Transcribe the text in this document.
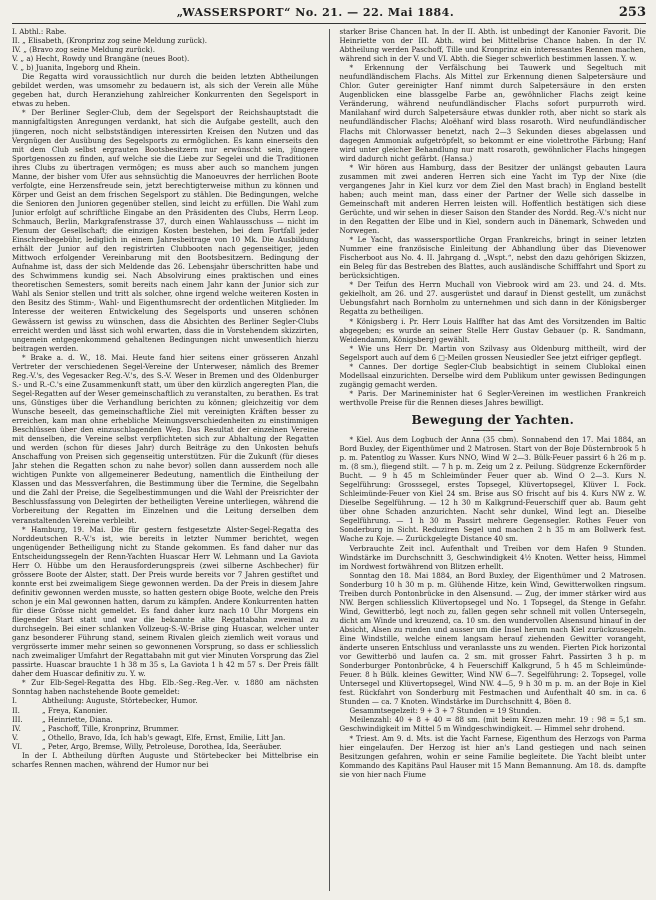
„WASSERSPORT“ No. 21. — 22. Mai 1884.	253
I. Abthl.: Rabe.
II. „ Elisabeth, (Kronprinz zog seine Meldung zurück).
IV. „ (Bravo zog seine Meldung zurück).
V. „ a) Hecht, Rowdy und Brangäne (neues Boot).
V. „ b) Juanita, Ingeborg und Rhein.

Die Regatta wird voraussichtlich nur durch die beiden letzten Abtheilungen gebildet werden, was umsomehr zu bedauern ist, als sich der Verein alle Mühe gegeben hat, durch Heranziehung zahlreicher Konkurrenten den Segelsport in etwas zu heben.

* Der Berliner Segler-Club, dem der Segelsport der Reichshauptstadt die mannigfaltigsten Anregungen verdankt, hat sich die Aufgabe gestellt, auch den jüngeren, noch nicht selbstständigen interessirten Kreisen den Nutzen und das Vergnügen der Ausübung des Segelsports zu ermöglichen. Es kann einerseits den mit dem Club selbst ergrauten Bootsbesitzern nur erwünscht sein, jüngere Sportgenossen zu finden, auf welche sie die Liebe zur Segelei und die Traditionen ihres Clubs zu übertragen vermögen; es muss aber auch so manchem jungen Manne, der bisher vom Ufer aus sehnsüchtig die Manoeuvres der herrlichen Boote verfolgte, eine Herzensfreude sein, jetzt berechtigterweise mithun zu können und Körper und Geist an dem frischen Segelsport zu stählen. Die Bedingungen, welche die Senioren den Junioren gegenüber stellen, sind leicht zu erfüllen. Die Wahl zum Junior erfolgt auf schriftliche Eingabe an den Präsidenten des Clubs, Herrn Leop. Schmauch, Berlin, Markgrafenstrasse 37, durch einen Wahlausschuss — nicht im Plenum der Gesellschaft; die einzigen Kosten bestehen, bei dem Fortfall jeder Einschreibegebühr, lediglich in einem Jahresbeitrage von 10 Mk. Die Ausbildung erhält der Junior auf den registrirten Clubbooten nach gegenseitiger, jeden Mittwoch erfolgender Vereinbarung mit den Bootsbesitzern. Bedingung der Aufnahme ist, dass der sich Meldende das 26. Lebensjahr überschritten habe und des Schwimmens kundig sei. Nach Absolvirung eines praktischen und eines theoretischen Semesters, somit bereits nach einem Jahr kann der Junior sich zur Wahl als Senior stellen und tritt als solcher, ohne irgend welche weiteren Kosten in den Besitz des Stimm-, Wahl- und Eigenthumsrecht der ordentlichen Mitglieder. Im Interesse der weiteren Entwickelung des Segelsports und unseren schönen Gewässern ist gewiss zu wünschen, dass die Absichten des Berliner Segler-Clubs erreicht werden und lässt sich wohl erwarten, dass die in Vorstehendem skizzirten, ungemein entgegenkommend gehaltenen Bedingungen nicht unwesentlich hierzu beitragen werden.

* Brake a. d. W., 18. Mai. Heute fand hier seitens einer grösseren Anzahl Vertreter der verschiedenen Segel-Vereine der Unterweser, nämlich des Bremer Reg.-V.'s, des Vegesacker Reg.-V.'s, des S.-V. Weser in Bremen und des Oldenburger S.- und R.-C.'s eine Zusammenkunft statt, um über den kürzlich angeregten Plan, die Segel-Regatten auf der Weser gemeinschaftlich zu veranstalten, zu berathen. Es trat uns, Günstiges über die Verhandlung berichten zu können; gleichzeitig vor dem Wunsche beseelt, das gemeinschaftliche Ziel mit vereinigten Kräften besser zu erreichen, kam man ohne erhebliche Meinungsverschiedenheiten zu einstimmigen Beschlüssen über den einzuschlagenden Weg. Das Resultat der einzelnen Vereine mit denselben, die Vereine selbst verpflichteten sich zur Abhaltung der Regatten und werden (schon für dieses Jahr) durch Beiträge zu den Unkosten behufs Anschaffung von Preisen sich gegenseitig unterstützen. Für die Zukunft (für dieses Jahr stehen die Regatten schon zu nahe bevor) sollen dann ausserdem noch alle wichtigen Punkte von allgemeinerer Bedeutung, namentlich die Eintheilung der Klassen und das Messverfahren, die Bestimmung über die Termine, die Segelbahn und die Zahl der Preise, die Segelbestimmungen und die Wahl der Preisrichter der Beschlussfassung von Delegirten der betheiligten Vereine unterliegen, während die Vorbereitung der Regatten im Einzelnen und die Leitung derselben dem veranstaltenden Vereine verbleibt.

* Hamburg, 19. Mai. Die für gestern festgesetzte Alster-Segel-Regatta des Norddeutschen R.-V.'s ist, wie bereits in letzter Nummer berichtet, wegen ungenügender Betheiligung nicht zu Stande gekommen. Es fand daher nur das Entscheidungssegeln der Renn-Yachten Huascar Herr W. Lehmann und La Gaviota Herr O. Hübbe um den Herausforderungspreis (zwei silberne Aschbecher) für grössere Boote der Alster, statt. Der Preis wurde bereits vor 7 Jahren gestiftet und konnte erst bei zweimaligem Siege gewonnen werden. Da der Preis in diesem Jahre definitiv gewonnen werden musste, so hatten gestern obige Boote, welche den Preis schon je ein Mal gewonnen hatten, darum zu kämpfen. Andere Konkurrenten hatten für diese Grösse nicht gemeldet. Es fand daher kurz nach 10 Uhr Morgens ein fliegender Start statt und war die bekannte alte Regattabahn zweimal zu durchsegeln. Bei einer schlanken Vollzeug-S.-W.-Brise ging Huascar, welcher unter ganz besonderer Führung stand, seinem Rivalen gleich ziemlich weit voraus und vergrösserte immer mehr seinen so gewonnenen Vorsprung, so dass er schliesslich nach zweimaliger Umfahrt der Regattabahn mit gut vier Minuten Vorsprung das Ziel passirte. Huascar brauchte 1 h 38 m 35 s, La Gaviota 1 h 42 m 57 s. Der Preis fällt daher dem Huascar definitiv zu. Y. w.

* Zur Elb-Segel-Regatta des Hbg. Elb.-Seg.-Reg.-Ver. v. 1880 am nächsten Sonntag haben nachstehende Boote gemeldet:

I.	Abtheilung: Auguste, Störtebecker, Humor.
II.	„ Freya, Kanonier.
III.	„ Heinriette, Diana.
IV.	„ Paschoff, Tille, Kronprinz, Brummer.
V.	„ Othello, Bravo, Ida, Ich hab's gewagt, Elfe, Ernst, Emilie, Litt Jan.
VI.	„ Peter, Argo, Bremse, Willy, Petroleuse, Dorothea, Ida, Seeräuber.

In der I. Abtheilung dürften Auguste und Störtebecker bei Mittelbrise ein scharfes Rennen machen, während der Humor nur bei

starker Brise Chancen hat. In der II. Abth. ist unbedingt der Kanonier Favorit. Die Heinriette von der III. Abth. wird bei Mittelbrise Chance haben. In der IV. Abtheilung werden Paschoff, Tille und Kronprinz ein interessantes Rennen machen, während sich in der V. und VI. Abth. die Sieger schwerlich bestimmen lassen. Y. w.

* Erkennung der Verfälschung bei Tauwerk und Segeltuch mit neufundländischem Flachs. Als Mittel zur Erkennung dienen Salpetersäure und Chlor. Guter gereinigter Hanf nimmt durch Salpetersäure in den ersten Augenblicken eine blassgelbe Farbe an, gewöhnlicher Flachs zeigt keine Veränderung, während neufundländischer Flachs sofort purpurroth wird. Manilahanf wird durch Salpetersäure etwas dunkler roth, aber nicht so stark als neufundländischer Flachs; Aloëhanf wird blass rosaroth. Wird neufundländischer Flachs mit Chlorwasser benetzt, nach 2—3 Sekunden dieses abgelassen und dagegen Ammoniak aufgetröpfelt, so bekommt er eine violettrothe Färbung; Hanf wird unter gleicher Behandlung nur matt rosaroth, gewöhnlicher Flachs hingegen wird dadurch nicht gefärbt. (Hansa.)

* Wir hören aus Hamburg, dass der Besitzer der unlängst gebauten Laura zusammen mit zwei anderen Herren sich eine Yacht im Typ der Nixe (die vergangenes Jahr in Kiel kurz vor dem Ziel den Mast brach) in England bestellt haben; auch meint man, dass einer der Partner der Welle sich dasselbe in Gemeinschaft mit anderen Herren leisten will. Hoffentlich bestätigen sich diese Gerüchte, und wir sehen in dieser Saison den Stander des Nordd. Reg.-V.'s nicht nur in den Regatten der Elbe und in Kiel, sondern auch in Dänemark, Schweden und Norwegen.

* Le Yacht, das wassersportliche Organ Frankreichs, bringt in seiner letzten Nummer eine französische Einleitung der Abhandlung über das Dievenower Fischerboot aus No. 4. II. Jahrgang d. „Wspt.“, nebst den dazu gehörigen Skizzen, ein Beleg für das Bestreben des Blattes, auch ausländische Schifffahrt und Sport zu berücksichtigen.

* Der Teifun des Herrn Muchall von Viebrook wird am 23. und 24. d. Mts. gekielholt, am 26. und 27. ausgerüstet und darauf in Dienst gestellt, um zunächst Uebungsfahrt nach Bornholm zu unternehmen und sich dann in der Königsberger Regatta zu betheiligen.

* Königsberg i. Pr. Herr Louis Halffter hat das Amt des Vorsitzenden im Baltic abgegeben; es wurde an seiner Stelle Herr Gustav Gebauer (p. R. Sandmann, Weidendamm, Königsberg) gewählt.

* Wie uns Herr Dr. Martin von Szilvasy aus Oldenburg mittheilt, wird der Segelsport auch auf dem 6 □-Meilen grossen Neusiedler See jetzt eifriger gepflegt.

* Cannes. Der dortige Segler-Club beabsichtigt in seinem Clublokal einen Modellsaal einzurichten. Derselbe wird dem Publikum unter gewissen Bedingungen zugängig gemacht werden.

* Paris. Der Marineminister hat 6 Segler-Vereinen im westlichen Frankreich werthvolle Preise für die Rennen dieses Jahres bewilligt.

Bewegung der Yachten.

* Kiel. Aus dem Logbuch der Anna (35 cbm). Sonnabend den 17. Mai 1884, an Bord Buxley, der Eigenthümer und 2 Matrosen. Start von der Boje Düsternbrook 5 h p. m. Patentlog zu Wasser. Kurs NNO, Wind W 2—3. Bülk-Feuer passirt 6 h 26 m p. m. (8 sm.), fliegend stilt. — 7 h p. m. Zeig um 2 z. Peilung. Südgrenze Eckernförder Bucht. — 9 h 45 m Schleimünder Feuer quer ab. Wind O 2—3. Kurs N. Segelführung: Grosssegel, erstes Topsegel, Klüvertopsegel, Klüver I. Fock. Schleimünde-Feuer von Kiel 24 sm. Brise aus SO frischt auf bis 4. Kurs NW z. W. Dieselbe Segelführung. — 12 h 30 m Kalkgrund-Feuerschiff quer ab. Baum geht über ohne Schaden anzurichten. Nacht sehr dunkel, Wind legt an. Dieselbe Segelführung. — 1 h 30 m Passirt mehrere Gegensegler. Rothes Feuer von Sonderburg in Sicht. Reduziren Segel und machen 2 h 35 m am Bollwerk fest. Wache zu Koje. — Zurückgelegte Distance 40 sm.

Verbrauchte Zeit incl. Aufenthalt und Treiben vor dem Hafen 9 Stunden. Windstärke im Durchschnitt 3, Geschwindigkeit 4½ Knoten. Wetter heiss, Himmel im Nordwest fortwährend von Blitzen erhellt.

Sonntag den 18. Mai 1884, an Bord Buxley, der Eigenthümer und 2 Matrosen. Sonderburg 10 h 30 m p. m. Glühende Hitze, kein Wind, Gewitterwolken ringsum. Treiben durch Pontonbrücke in den Alsensund. — Zug, der immer stärker wird aus NW. Bergen schliesslich Klüvertopsegel und No. 1 Topsegel, da Stenge in Gefahr. Wind, Gewitterbö, legt noch zu, fallen gegen sehr schnell mit vollen Untersegeln, dicht am Winde und kreuzend, ca. 10 sm. den wundervollen Alsensund hinauf in der Absicht, Alsen zu runden und ausser um die Insel herum nach Kiel zurückzusegeln. Eine Windstille, welche einem langsam herauf ziehenden Gewitter vorangeht, änderte unseren Entschluss und veranlasste uns zu wenden. Fierten Pick horizontal vor Gewitterbö und laufen ca. 2 sm. mit grosser Fahrt. Passirten 3 h p. m Sonderburger Pontonbrücke, 4 h Feuerschiff Kalkgrund, 5 h 45 m Schleimünde-Feuer. 8 h Bülk. kleines Gewitter, Wind NW 6—7. Segelführung: 2. Topsegel, volle Untersegel und Klüvertopsegel, Wind NW. 4—5, 9 h 30 m p. m. an der Boje in Kiel fest. Rückfahrt von Sonderburg mit Festmachen und Aufenthalt 40 sm. in ca. 6 Stunden — ca. 7 Knoten. Windstärke im Durchschnitt 4, Böen 8.

Gesammtsegelzeit: 9 + 3 + 7 Stunden = 19 Stunden.

Meilenzahl: 40 + 8 + 40 = 88 sm. (mit beim Kreuzen mehr. 19 : 98 = 5,1 sm. Geschwindigkeit im Mittel 5 m Windgeschwindigkeit. — Himmel sehr drohend.

* Triest. Am 9. d. Mts. ist die Yacht Farnese, Eigenthum des Herzogs von Parma hier eingelaufen. Der Herzog ist hier an's Land gestiegen und nach seinen Besitzungen gefahren, wohin er seine Familie begleitete. Die Yacht bleibt unter Kommando des Kapitäns Paul Hauser mit 15 Mann Bemannung. Am 18. ds. dampfte sie von hier nach Fiume
